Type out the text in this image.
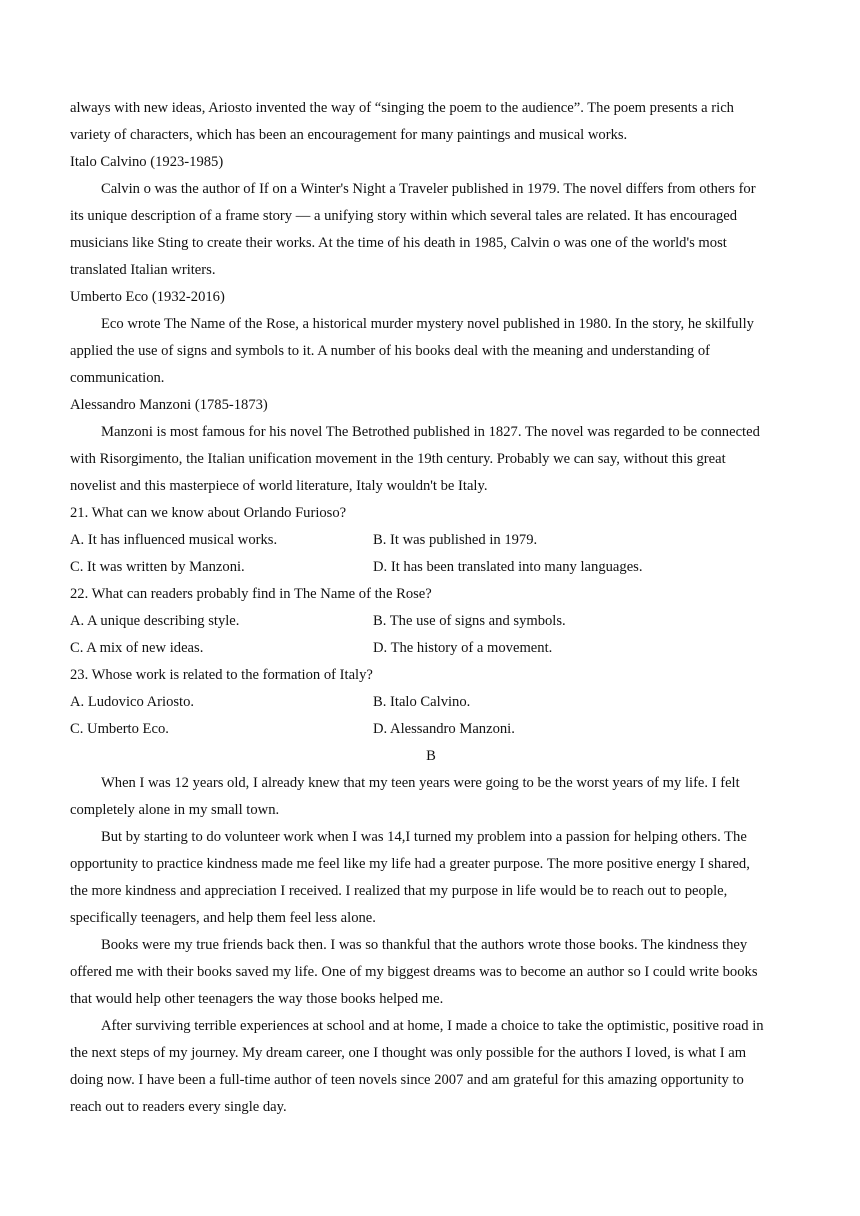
always with new ideas, Ariosto invented the way of “singing the poem to the audience”. The poem presents a rich
variety of characters, which has been an encouragement for many paintings and musical works.
Italo Calvino (1923-1985)
Calvin o was the author of If on a Winter's Night a Traveler published in 1979. The novel differs from others for
its unique description of a frame story — a unifying story within which several tales are related. It has encouraged
musicians like Sting to create their works. At the time of his death in 1985, Calvin o was one of the world's most
translated Italian writers.
Umberto Eco (1932-2016)
Eco wrote The Name of the Rose, a historical murder mystery novel published in 1980. In the story, he skilfully
applied the use of signs and symbols to it. A number of his books deal with the meaning and understanding of
communication.
Alessandro Manzoni (1785-1873)
Manzoni is most famous for his novel The Betrothed published in 1827. The novel was regarded to be connected
with Risorgimento, the Italian unification movement in the 19th century. Probably we can say, without this great
novelist and this masterpiece of world literature, Italy wouldn't be Italy.
21. What can we know about Orlando Furioso?
A. It has influenced musical works.	B. It was published in 1979.
C. It was written by Manzoni.	D. It has been translated into many languages.
22. What can readers probably find in The Name of the Rose?
A. A unique describing style.	B. The use of signs and symbols.
C. A mix of new ideas.	D. The history of a movement.
23. Whose work is related to the formation of Italy?
A. Ludovico Ariosto.	B. Italo Calvino.
C. Umberto Eco.	D. Alessandro Manzoni.
B
When I was 12 years old, I already knew that my teen years were going to be the worst years of my life. I felt
completely alone in my small town.
But by starting to do volunteer work when I was 14,I turned my problem into a passion for helping others. The
opportunity to practice kindness made me feel like my life had a greater purpose. The more positive energy I shared,
the more kindness and appreciation I received. I realized that my purpose in life would be to reach out to people,
specifically teenagers, and help them feel less alone.
Books were my true friends back then. I was so thankful that the authors wrote those books. The kindness they
offered me with their books saved my life. One of my biggest dreams was to become an author so I could write books
that would help other teenagers the way those books helped me.
After surviving terrible experiences at school and at home, I made a choice to take the optimistic, positive road in
the next steps of my journey. My dream career, one I thought was only possible for the authors I loved, is what I am
doing now. I have been a full-time author of teen novels since 2007 and am grateful for this amazing opportunity to
reach out to readers every single day.
